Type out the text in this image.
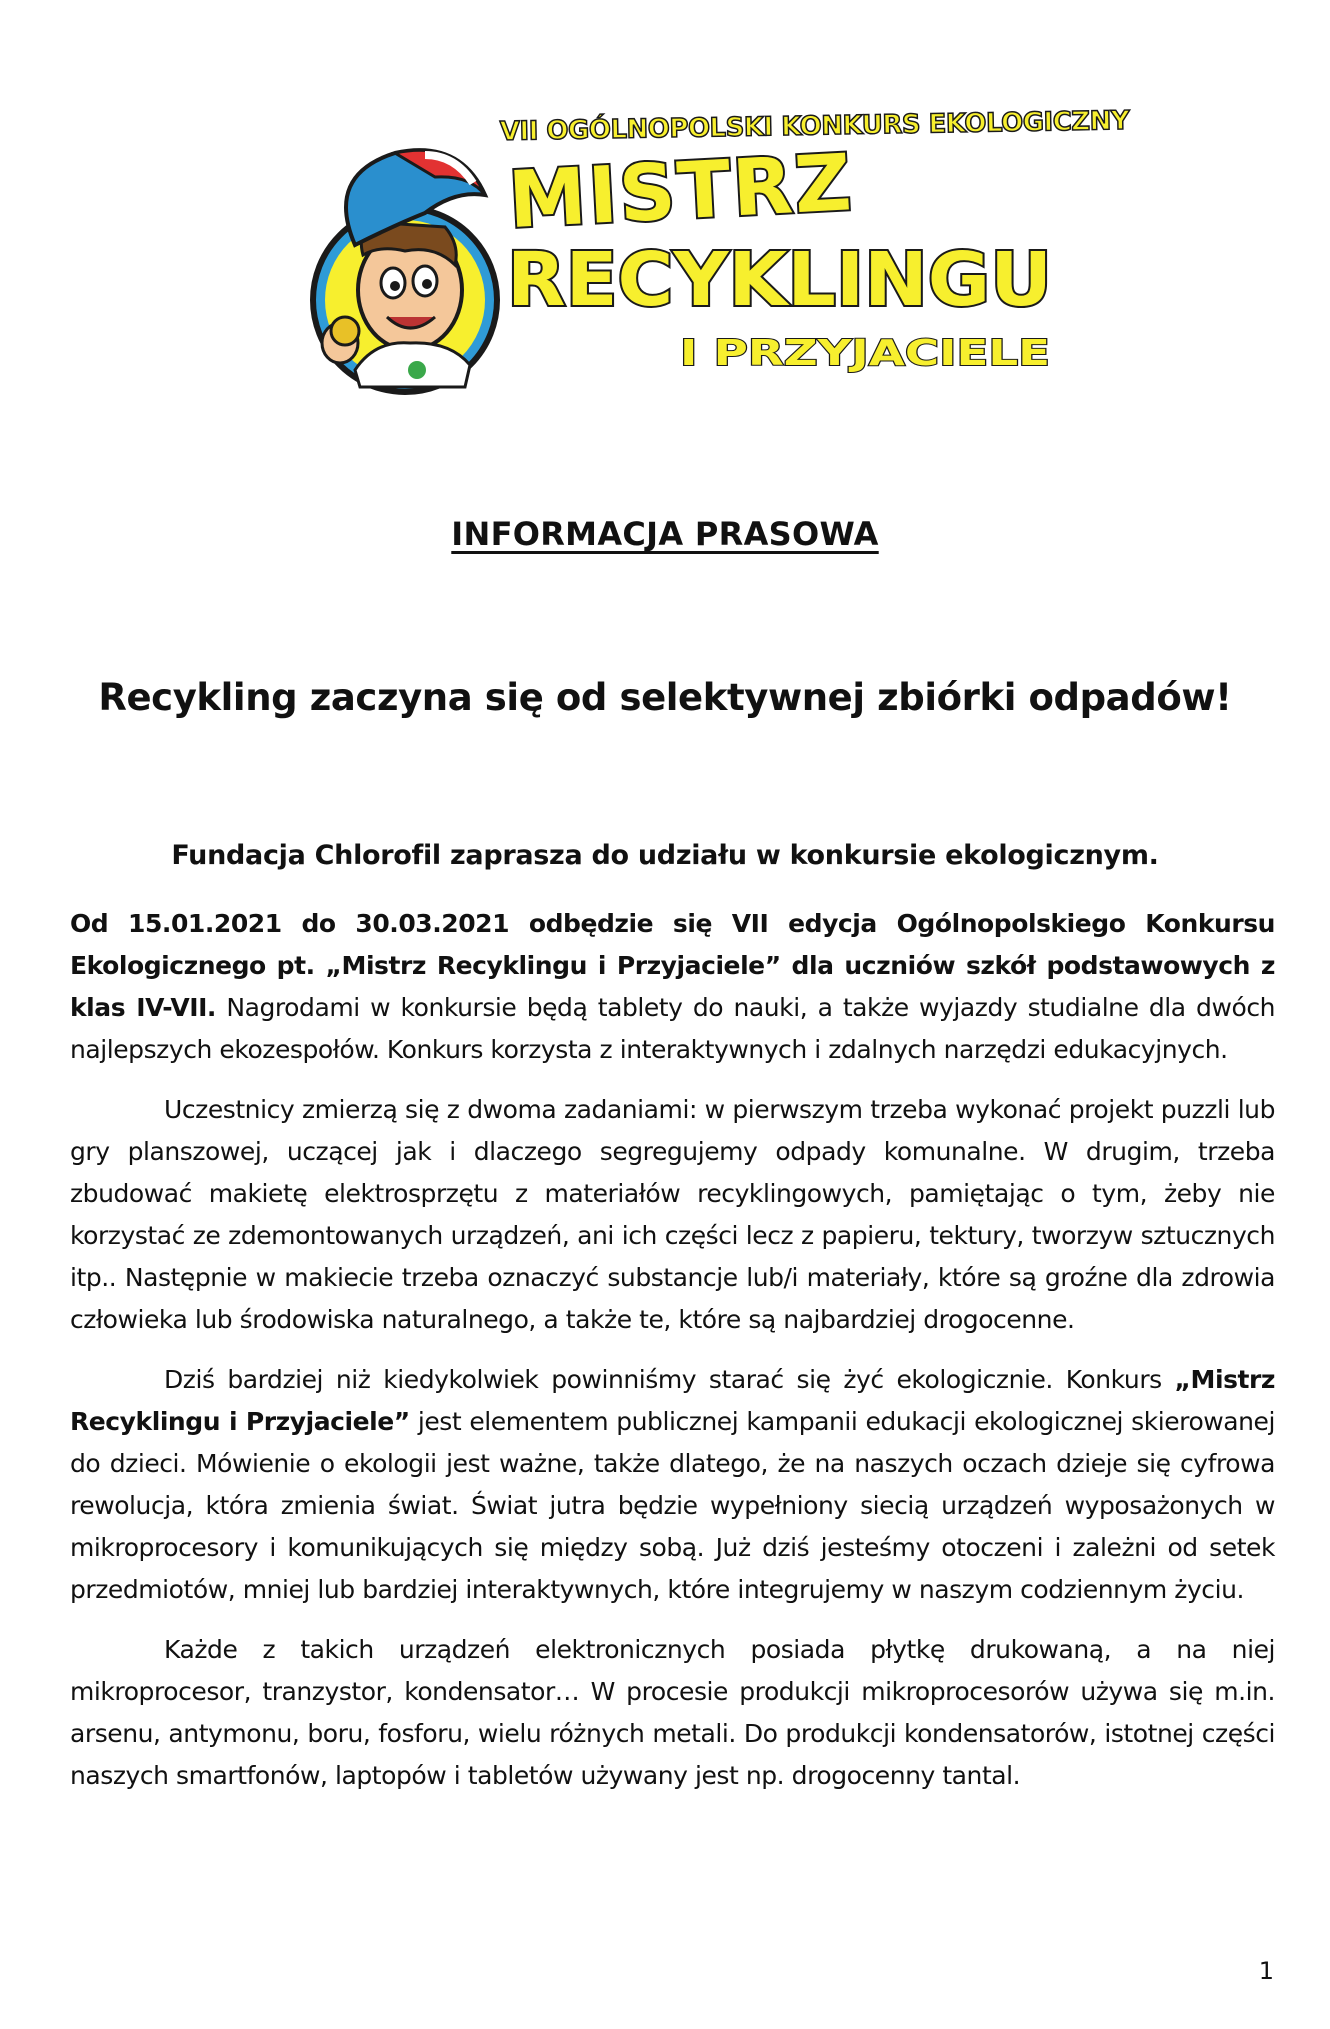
VII OGÓLNOPOLSKI KONKURS EKOLOGICZNY
MISTRZ
RECYKLINGU
I PRZYJACIELE
INFORMACJA PRASOWA
Recykling zaczyna się od selektywnej zbiórki odpadów!
Fundacja Chlorofil zaprasza do udziału w konkursie ekologicznym.

Od 15.01.2021 do 30.03.2021 odbędzie się VII edycja Ogólnopolskiego Konkursu Ekologicznego pt. „Mistrz Recyklingu i Przyjaciele” dla uczniów szkół podstawowych z klas IV-VII. Nagrodami w konkursie będą tablety do nauki, a także wyjazdy studialne dla dwóch najlepszych ekozespołów. Konkurs korzysta z interaktywnych i zdalnych narzędzi edukacyjnych.

Uczestnicy zmierzą się z dwoma zadaniami: w pierwszym trzeba wykonać projekt puzzli lub gry planszowej, uczącej jak i dlaczego segregujemy odpady komunalne. W drugim, trzeba zbudować makietę elektrosprzętu z materiałów recyklingowych, pamiętając o tym, żeby nie korzystać ze zdemontowanych urządzeń, ani ich części lecz z papieru, tektury, tworzyw sztucznych itp.. Następnie w makiecie trzeba oznaczyć substancje lub/i materiały, które są groźne dla zdrowia człowieka lub środowiska naturalnego, a także te, które są najbardziej drogocenne.

Dziś bardziej niż kiedykolwiek powinniśmy starać się żyć ekologicznie. Konkurs „Mistrz Recyklingu i Przyjaciele” jest elementem publicznej kampanii edukacji ekologicznej skierowanej do dzieci. Mówienie o ekologii jest ważne, także dlatego, że na naszych oczach dzieje się cyfrowa rewolucja, która zmienia świat. Świat jutra będzie wypełniony siecią urządzeń wyposażonych w mikroprocesory i komunikujących się między sobą. Już dziś jesteśmy otoczeni i zależni od setek przedmiotów, mniej lub bardziej interaktywnych, które integrujemy w naszym codziennym życiu.

Każde z takich urządzeń elektronicznych posiada płytkę drukowaną, a na niej mikroprocesor, tranzystor, kondensator… W procesie produkcji mikroprocesorów używa się m.in. arsenu, antymonu, boru, fosforu, wielu różnych metali. Do produkcji kondensatorów, istotnej części naszych smartfonów, laptopów i tabletów używany jest np. drogocenny tantal.

1
